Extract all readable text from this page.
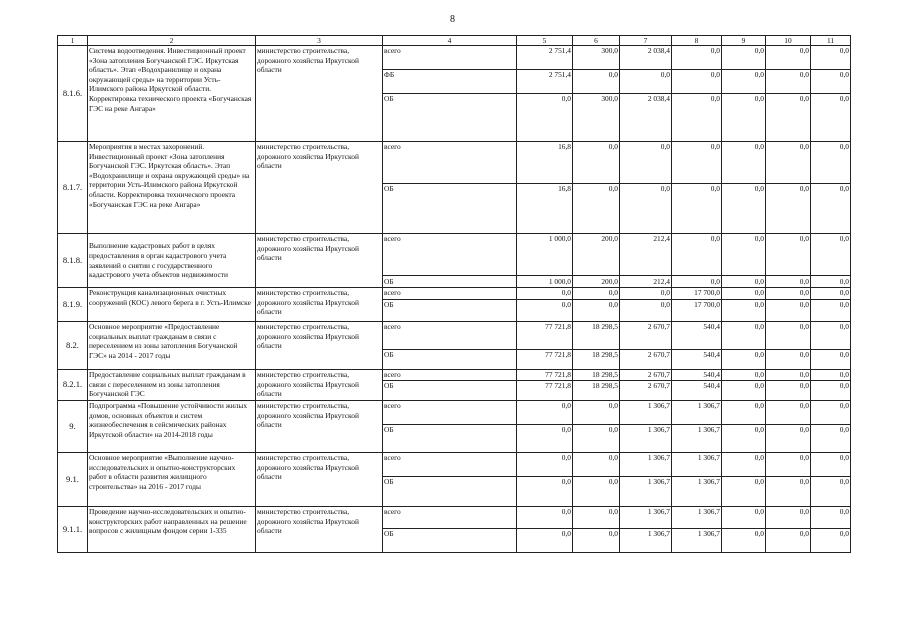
8
1	2	3	4	5	6	7	8	9	10	11
8.1.6.	Система водоотведения. Инвестиционный проект «Зона затопления Богучанской ГЭС. Иркутская область». Этап «Водохранилище и охрана окружающей среды» на территории Усть-Илимского района Иркутской области. Корректировка технического проекта «Богучанская ГЭС на реке Ангара»	министерство строительства, дорожного хозяйства Иркутской области	всего	2 751,4	300,0	2 038,4	0,0	0,0	0,0	0,0
			ФБ	2 751,4	0,0	0,0	0,0	0,0	0,0	0,0
			ОБ	0,0	300,0	2 038,4	0,0	0,0	0,0	0,0
8.1.7.	Мероприятия в местах захоронений. Инвестиционный проект «Зона затопления Богучанской ГЭС. Иркутская область». Этап «Водохранилище и охрана окружающей среды» на территории Усть-Илимского района Иркутской области. Корректировка технического проекта «Богучанская ГЭС на реке Ангара»	министерство строительства, дорожного хозяйства Иркутской области	всего	16,8	0,0	0,0	0,0	0,0	0,0	0,0
			ОБ	16,8	0,0	0,0	0,0	0,0	0,0	0,0
8.1.8.	Выполнение кадастровых работ в целях предоставления в орган кадастрового учета заявлений о снятии с государственного кадастрового учета объектов недвижимости	министерство строительства, дорожного хозяйства Иркутской области	всего	1 000,0	200,0	212,4	0,0	0,0	0,0	0,0
			ОБ	1 000,0	200,0	212,4	0,0	0,0	0,0	0,0
8.1.9.	Реконструкция канализационных очистных сооружений (КОС) левого берега в г. Усть-Илимске	министерство строительства, дорожного хозяйства Иркутской области	всего	0,0	0,0	0,0	17 700,0	0,0	0,0	0,0
			ОБ	0,0	0,0	0,0	17 700,0	0,0	0,0	0,0
8.2.	Основное мероприятие «Предоставление социальных выплат гражданам в связи с переселением из зоны затопления Богучанской ГЭС» на 2014 - 2017 годы	министерство строительства, дорожного хозяйства Иркутской области	всего	77 721,8	18 298,5	2 670,7	540,4	0,0	0,0	0,0
			ОБ	77 721,8	18 298,5	2 670,7	540,4	0,0	0,0	0,0
8.2.1.	Предоставление социальных выплат гражданам в связи с переселением из зоны затопления Богучанской ГЭС	министерство строительства, дорожного хозяйства Иркутской области	всего	77 721,8	18 298,5	2 670,7	540,4	0,0	0,0	0,0
			ОБ	77 721,8	18 298,5	2 670,7	540,4	0,0	0,0	0,0
9.	Подпрограмма «Повышение устойчивости жилых домов, основных объектов и систем жизнеобеспечения в сейсмических районах Иркутской области» на 2014-2018 годы	министерство строительства, дорожного хозяйства Иркутской области	всего	0,0	0,0	1 306,7	1 306,7	0,0	0,0	0,0
			ОБ	0,0	0,0	1 306,7	1 306,7	0,0	0,0	0,0
9.1.	Основное мероприятие «Выполнение научно-исследовательских и опытно-конструкторских работ в области развития жилищного строительства» на 2016 - 2017 годы	министерство строительства, дорожного хозяйства Иркутской области	всего	0,0	0,0	1 306,7	1 306,7	0,0	0,0	0,0
			ОБ	0,0	0,0	1 306,7	1 306,7	0,0	0,0	0,0
9.1.1.	Проведение научно-исследовательских и опытно-конструкторских работ направленных на решение вопросов с жилищным фондом серии 1-335	министерство строительства, дорожного хозяйства Иркутской области	всего	0,0	0,0	1 306,7	1 306,7	0,0	0,0	0,0
			ОБ	0,0	0,0	1 306,7	1 306,7	0,0	0,0	0,0
